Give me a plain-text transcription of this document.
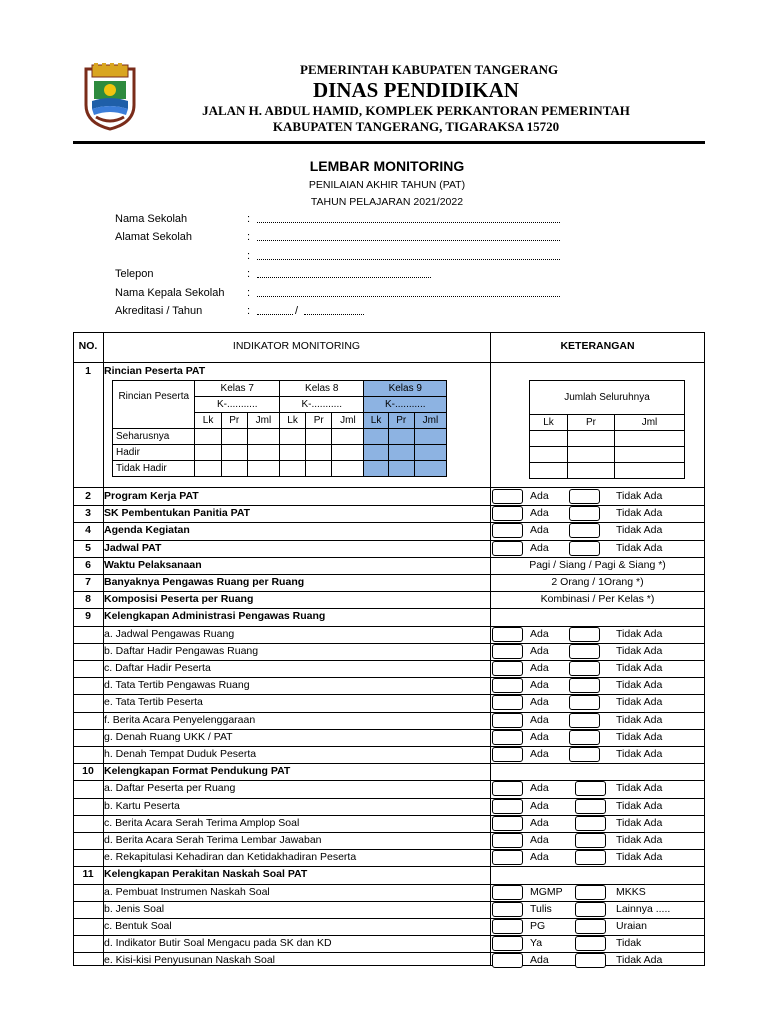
PEMERINTAH KABUPATEN TANGERANG
DINAS PENDIDIKAN
JALAN H. ABDUL HAMID, KOMPLEK PERKANTORAN PEMERINTAH
KABUPATEN TANGERANG, TIGARAKSA 15720
LEMBAR MONITORING
PENILAIAN AKHIR TAHUN (PAT)
TAHUN PELAJARAN 2021/2022
Nama Sekolah	:
Alamat Sekolah	:
:
Telepon	:
Nama Kepala Sekolah :
Akreditasi / Tahun	:	/
NO.	INDIKATOR MONITORING	KETERANGAN
1	Rincian Peserta PAT
Rincian Peserta	Kelas 7			Kelas 8			Kelas 9		
	K-...........			K-...........			K-...........		
	Lk	Pr	Jml	Lk	Pr	Jml	Lk	Pr	Jml
Seharusnya									
Hadir									
Tidak Hadir									
Jumlah Seluruhnya		
Lk	Pr	Jml

2	Program Kerja PAT	Ada	Tidak Ada
3	SK Pembentukan Panitia PAT	Ada	Tidak Ada
4	Agenda Kegiatan	Ada	Tidak Ada
5	Jadwal PAT	Ada	Tidak Ada
6	Waktu Pelaksanaan	Pagi / Siang / Pagi & Siang *)
7	Banyaknya Pengawas Ruang per Ruang	2 Orang / 1Orang *)
8	Komposisi Peserta per Ruang	Kombinasi / Per Kelas *)
9	Kelengkapan Administrasi Pengawas Ruang
a. Jadwal Pengawas Ruang	Ada	Tidak Ada
b. Daftar Hadir Pengawas Ruang	Ada	Tidak Ada
c. Daftar Hadir Peserta	Ada	Tidak Ada
d. Tata Tertib Pengawas Ruang	Ada	Tidak Ada
e. Tata Tertib Peserta	Ada	Tidak Ada
f. Berita Acara Penyelenggaraan	Ada	Tidak Ada
g. Denah Ruang UKK / PAT	Ada	Tidak Ada
h. Denah Tempat Duduk Peserta	Ada	Tidak Ada
10 Kelengkapan Format Pendukung PAT
a. Daftar Peserta per Ruang	Ada	Tidak Ada
b. Kartu Peserta	Ada	Tidak Ada
c. Berita Acara Serah Terima Amplop Soal	Ada	Tidak Ada
d. Berita Acara Serah Terima Lembar Jawaban	Ada	Tidak Ada
e. Rekapitulasi Kehadiran dan Ketidakhadiran Peserta	Ada	Tidak Ada
11 Kelengkapan Perakitan Naskah Soal PAT
a. Pembuat Instrumen Naskah Soal	MGMP	MKKS
b. Jenis Soal	Tulis	Lainnya .....
c. Bentuk Soal	PG	Uraian
d. Indikator Butir Soal Mengacu pada SK dan KD	Ya	Tidak
e. Kisi-kisi Penyusunan Naskah Soal	Ada	Tidak Ada
